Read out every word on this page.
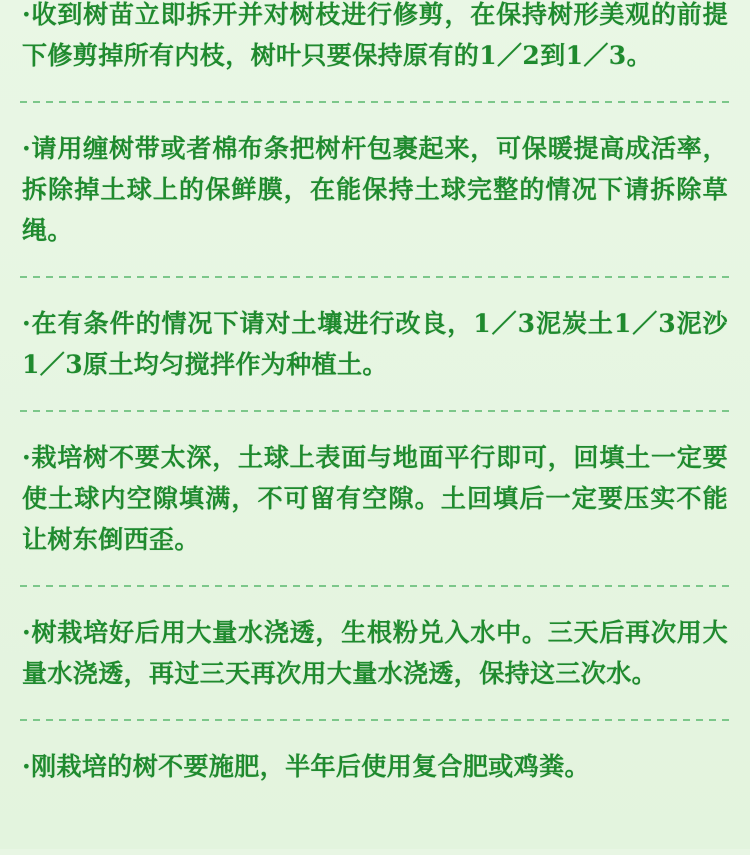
·收到树苗立即拆开并对树枝进行修剪，在保持树形美观的前提下修剪掉所有内枝，树叶只要保持原有的1／2到1／3。

·请用缠树带或者棉布条把树杆包裹起来，可保暖提高成活率，拆除掉土球上的保鲜膜，在能保持土球完整的情况下请拆除草绳。

·在有条件的情况下请对土壤进行改良，1／3泥炭土1／3泥沙1／3原土均匀搅拌作为种植土。

·栽培树不要太深，土球上表面与地面平行即可，回填土一定要使土球内空隙填满，不可留有空隙。土回填后一定要压实不能让树东倒西歪。

·树栽培好后用大量水浇透，生根粉兑入水中。三天后再次用大量水浇透，再过三天再次用大量水浇透，保持这三次水。

·刚栽培的树不要施肥，半年后使用复合肥或鸡粪。
